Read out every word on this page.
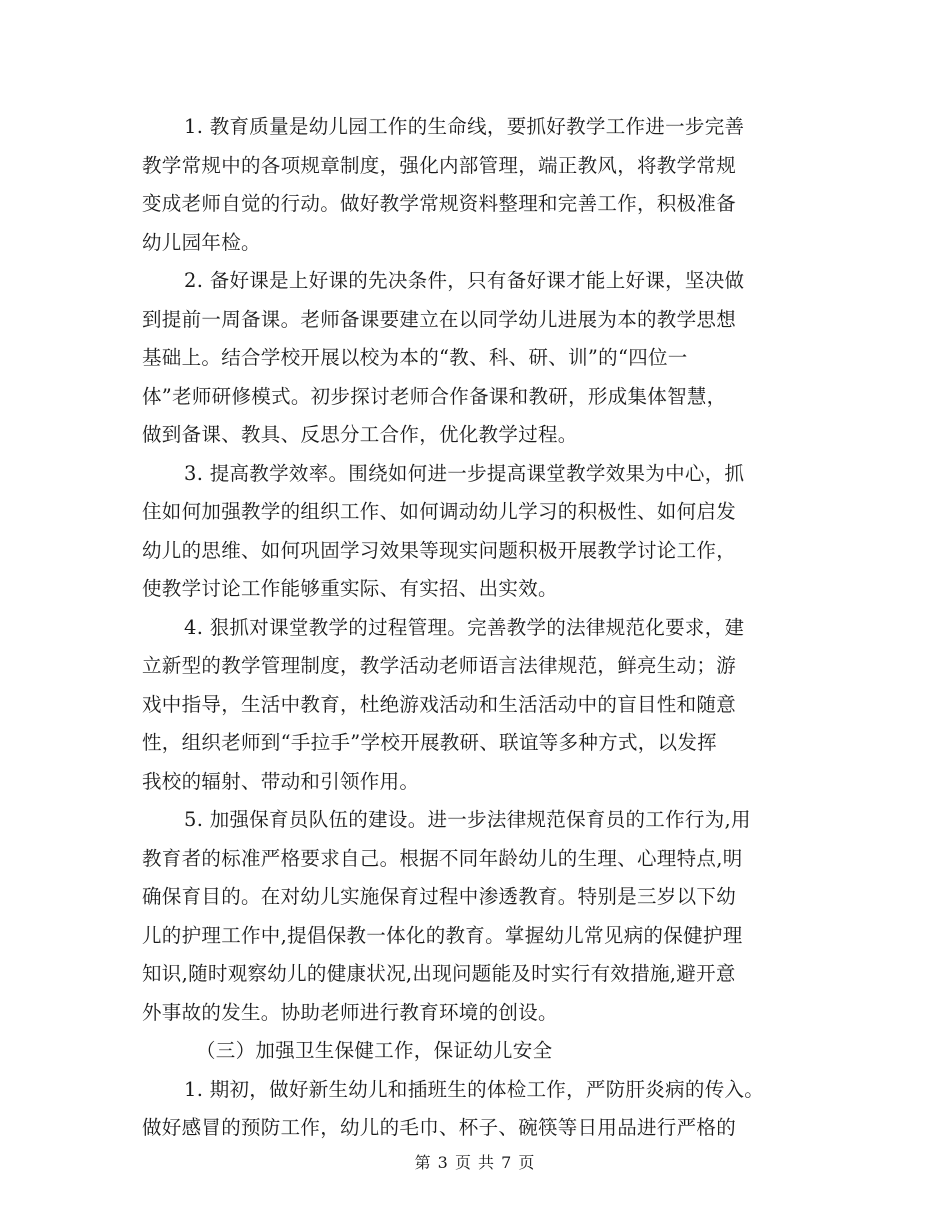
1. 教育质量是幼儿园工作的生命线，要抓好教学工作进一步完善
教学常规中的各项规章制度，强化内部管理，端正教风，将教学常规
变成老师自觉的行动。做好教学常规资料整理和完善工作，积极准备
幼儿园年检。

2. 备好课是上好课的先决条件，只有备好课才能上好课，坚决做
到提前一周备课。老师备课要建立在以同学幼儿进展为本的教学思想
基础上。结合学校开展以校为本的“教、科、研、训”的“四位一
体”老师研修模式。初步探讨老师合作备课和教研，形成集体智慧，
做到备课、教具、反思分工合作，优化教学过程。

3. 提高教学效率。围绕如何进一步提高课堂教学效果为中心，抓
住如何加强教学的组织工作、如何调动幼儿学习的积极性、如何启发
幼儿的思维、如何巩固学习效果等现实问题积极开展教学讨论工作，
使教学讨论工作能够重实际、有实招、出实效。

4. 狠抓对课堂教学的过程管理。完善教学的法律规范化要求，建
立新型的教学管理制度，教学活动老师语言法律规范，鲜亮生动；游
戏中指导，生活中教育，杜绝游戏活动和生活活动中的盲目性和随意
性，组织老师到“手拉手”学校开展教研、联谊等多种方式，以发挥
我校的辐射、带动和引领作用。

5. 加强保育员队伍的建设。进一步法律规范保育员的工作行为,用
教育者的标准严格要求自己。根据不同年龄幼儿的生理、心理特点,明
确保育目的。在对幼儿实施保育过程中渗透教育。特别是三岁以下幼
儿的护理工作中,提倡保教一体化的教育。掌握幼儿常见病的保健护理
知识,随时观察幼儿的健康状况,出现问题能及时实行有效措施,避开意
外事故的发生。协助老师进行教育环境的创设。

（三）加强卫生保健工作，保证幼儿安全

1. 期初，做好新生幼儿和插班生的体检工作，严防肝炎病的传入。
做好感冒的预防工作，幼儿的毛巾、杯子、碗筷等日用品进行严格的

第 3 页 共 7 页
